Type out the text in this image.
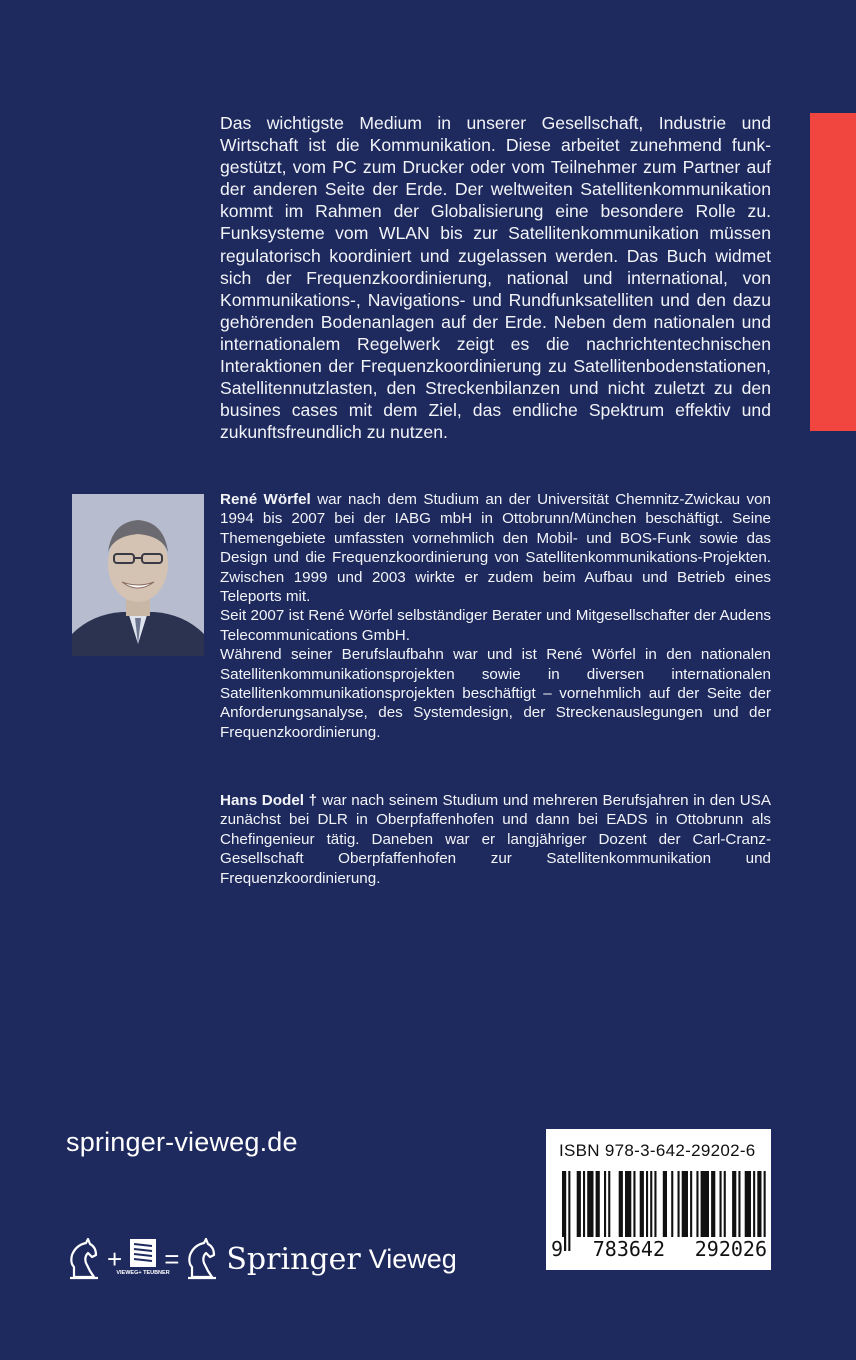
Das wichtigste Medium in unserer Gesellschaft, Industrie und Wirtschaft ist die Kommunikation. Diese arbeitet zunehmend funkgestützt, vom PC zum Drucker oder vom Teilnehmer zum Partner auf der anderen Seite der Erde. Der weltweiten Satellitenkommunikation kommt im Rahmen der Globalisierung eine besondere Rolle zu. Funksysteme vom WLAN bis zur Satellitenkommunikation müssen regulatorisch koordiniert und zugelassen werden. Das Buch widmet sich der Frequenzkoordinierung, national und international, von Kommunikations-, Navigations- und Rundfunksatelliten und den dazu gehörenden Bodenanlagen auf der Erde. Neben dem nationalen und internationalem Regelwerk zeigt es die nachrichtentechnischen Interaktionen der Frequenzkoordinierung zu Satellitenbodenstationen, Satellitennutzlasten, den Streckenbilanzen und nicht zuletzt zu den busines cases mit dem Ziel, das endliche Spektrum effektiv und zukunftsfreundlich zu nutzen.

René Wörfel war nach dem Studium an der Universität Chemnitz-Zwickau von 1994 bis 2007 bei der IABG mbH in Ottobrunn/München beschäftigt. Seine Themengebiete umfassten vornehmlich den Mobil- und BOS-Funk sowie das Design und die Frequenzkoordinierung von Satellitenkommunikations-Projekten. Zwischen 1999 und 2003 wirkte er zudem beim Aufbau und Betrieb eines Teleports mit.

Seit 2007 ist René Wörfel selbständiger Berater und Mitgesellschafter der Audens Telecommunications GmbH.

Während seiner Berufslaufbahn war und ist René Wörfel in den nationalen Satellitenkommunikationsprojekten sowie in diversen internationalen Satellitenkommunikationsprojekten beschäftigt – vornehmlich auf der Seite der Anforderungsanalyse, des Systemdesign, der Streckenauslegungen und der Frequenzkoordinierung.

Hans Dodel † war nach seinem Studium und mehreren Berufsjahren in den USA zunächst bei DLR in Oberpfaffenhofen und dann bei EADS in Ottobrunn als Chefingenieur tätig. Daneben war er langjähriger Dozent der Carl-Cranz-Gesellschaft Oberpfaffenhofen zur Satellitenkommunikation und Frequenzkoordinierung.

springer-vieweg.de
+
VIEWEG+ TEUBNER
= Springer Vieweg
ISBN 978-3-642-29202-6
9 783642 292026
